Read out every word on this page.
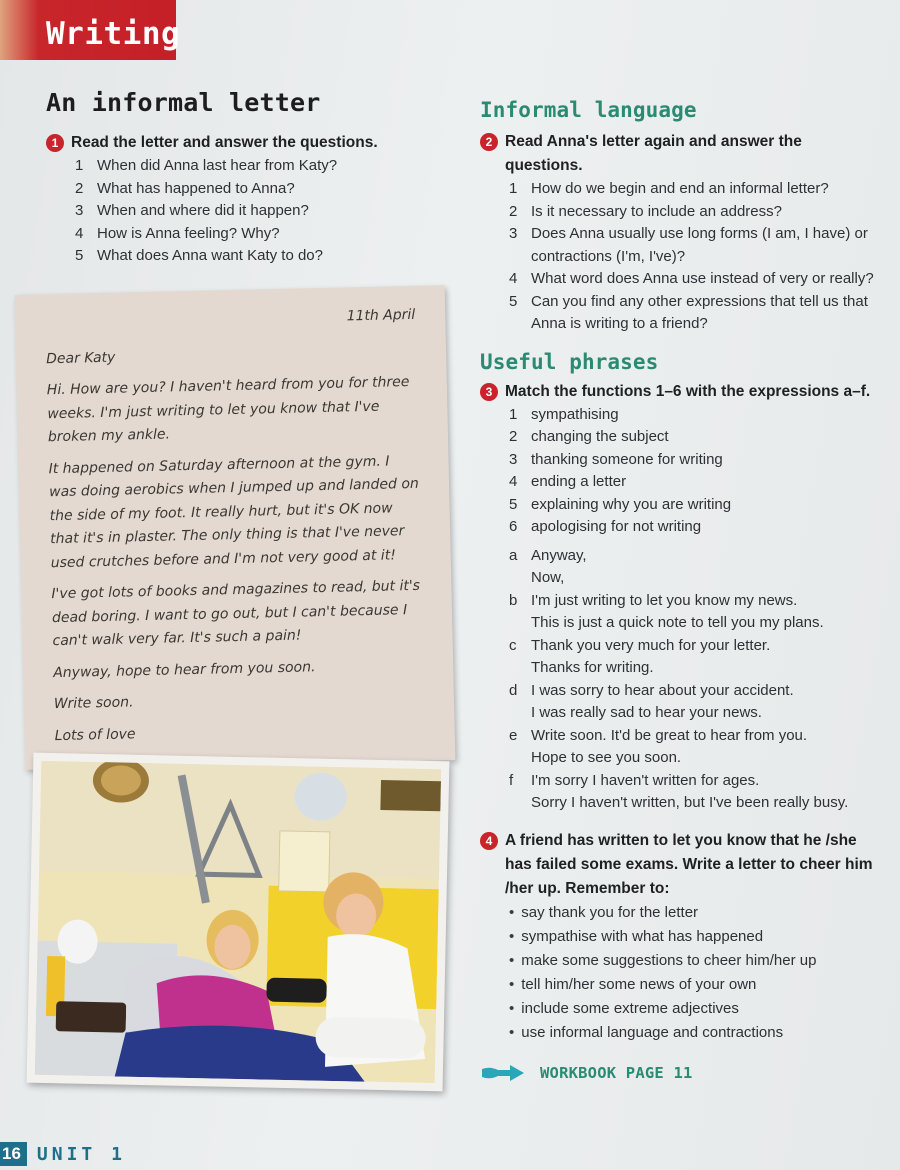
Writing
An informal letter
1 Read the letter and answer the questions.
1 When did Anna last hear from Katy?
2 What has happened to Anna?
3 When and where did it happen?
4 How is Anna feeling? Why?
5 What does Anna want Katy to do?
11th April

Dear Katy

Hi. How are you? I haven't heard from you for three weeks. I'm just writing to let you know that I've broken my ankle.

It happened on Saturday afternoon at the gym. I was doing aerobics when I jumped up and landed on the side of my foot. It really hurt, but it's OK now that it's in plaster. The only thing is that I've never used crutches before and I'm not very good at it!

I've got lots of books and magazines to read, but it's dead boring. I want to go out, but I can't because I can't walk very far. It's such a pain!

Anyway, hope to hear from you soon.

Write soon.

Lots of love

Informal language
2 Read Anna's letter again and answer the questions.
1 How do we begin and end an informal letter?
2 Is it necessary to include an address?
3 Does Anna usually use long forms (I am, I have) or contractions (I'm, I've)?
4 What word does Anna use instead of very or really?
5 Can you find any other expressions that tell us that Anna is writing to a friend?
Useful phrases
3 Match the functions 1–6 with the expressions a–f.
1 sympathising
2 changing the subject
3 thanking someone for writing
4 ending a letter
5 explaining why you are writing
6 apologising for not writing
a Anyway,
Now,
b I'm just writing to let you know my news.
This is just a quick note to tell you my plans.
c Thank you very much for your letter.
Thanks for writing.
d I was sorry to hear about your accident.
I was really sad to hear your news.
e Write soon. It'd be great to hear from you.
Hope to see you soon.
f	I'm sorry I haven't written for ages.
Sorry I haven't written, but I've been really busy.
4 A friend has written to let you know that he /she has failed some exams. Write a letter to cheer him /her up. Remember to:
• say thank you for the letter
• sympathise with what has happened
• make some suggestions to cheer him/her up
• tell him/her some news of your own
• include some extreme adjectives
• use informal language and contractions
WORKBOOK PAGE 11
16 UNIT 1
